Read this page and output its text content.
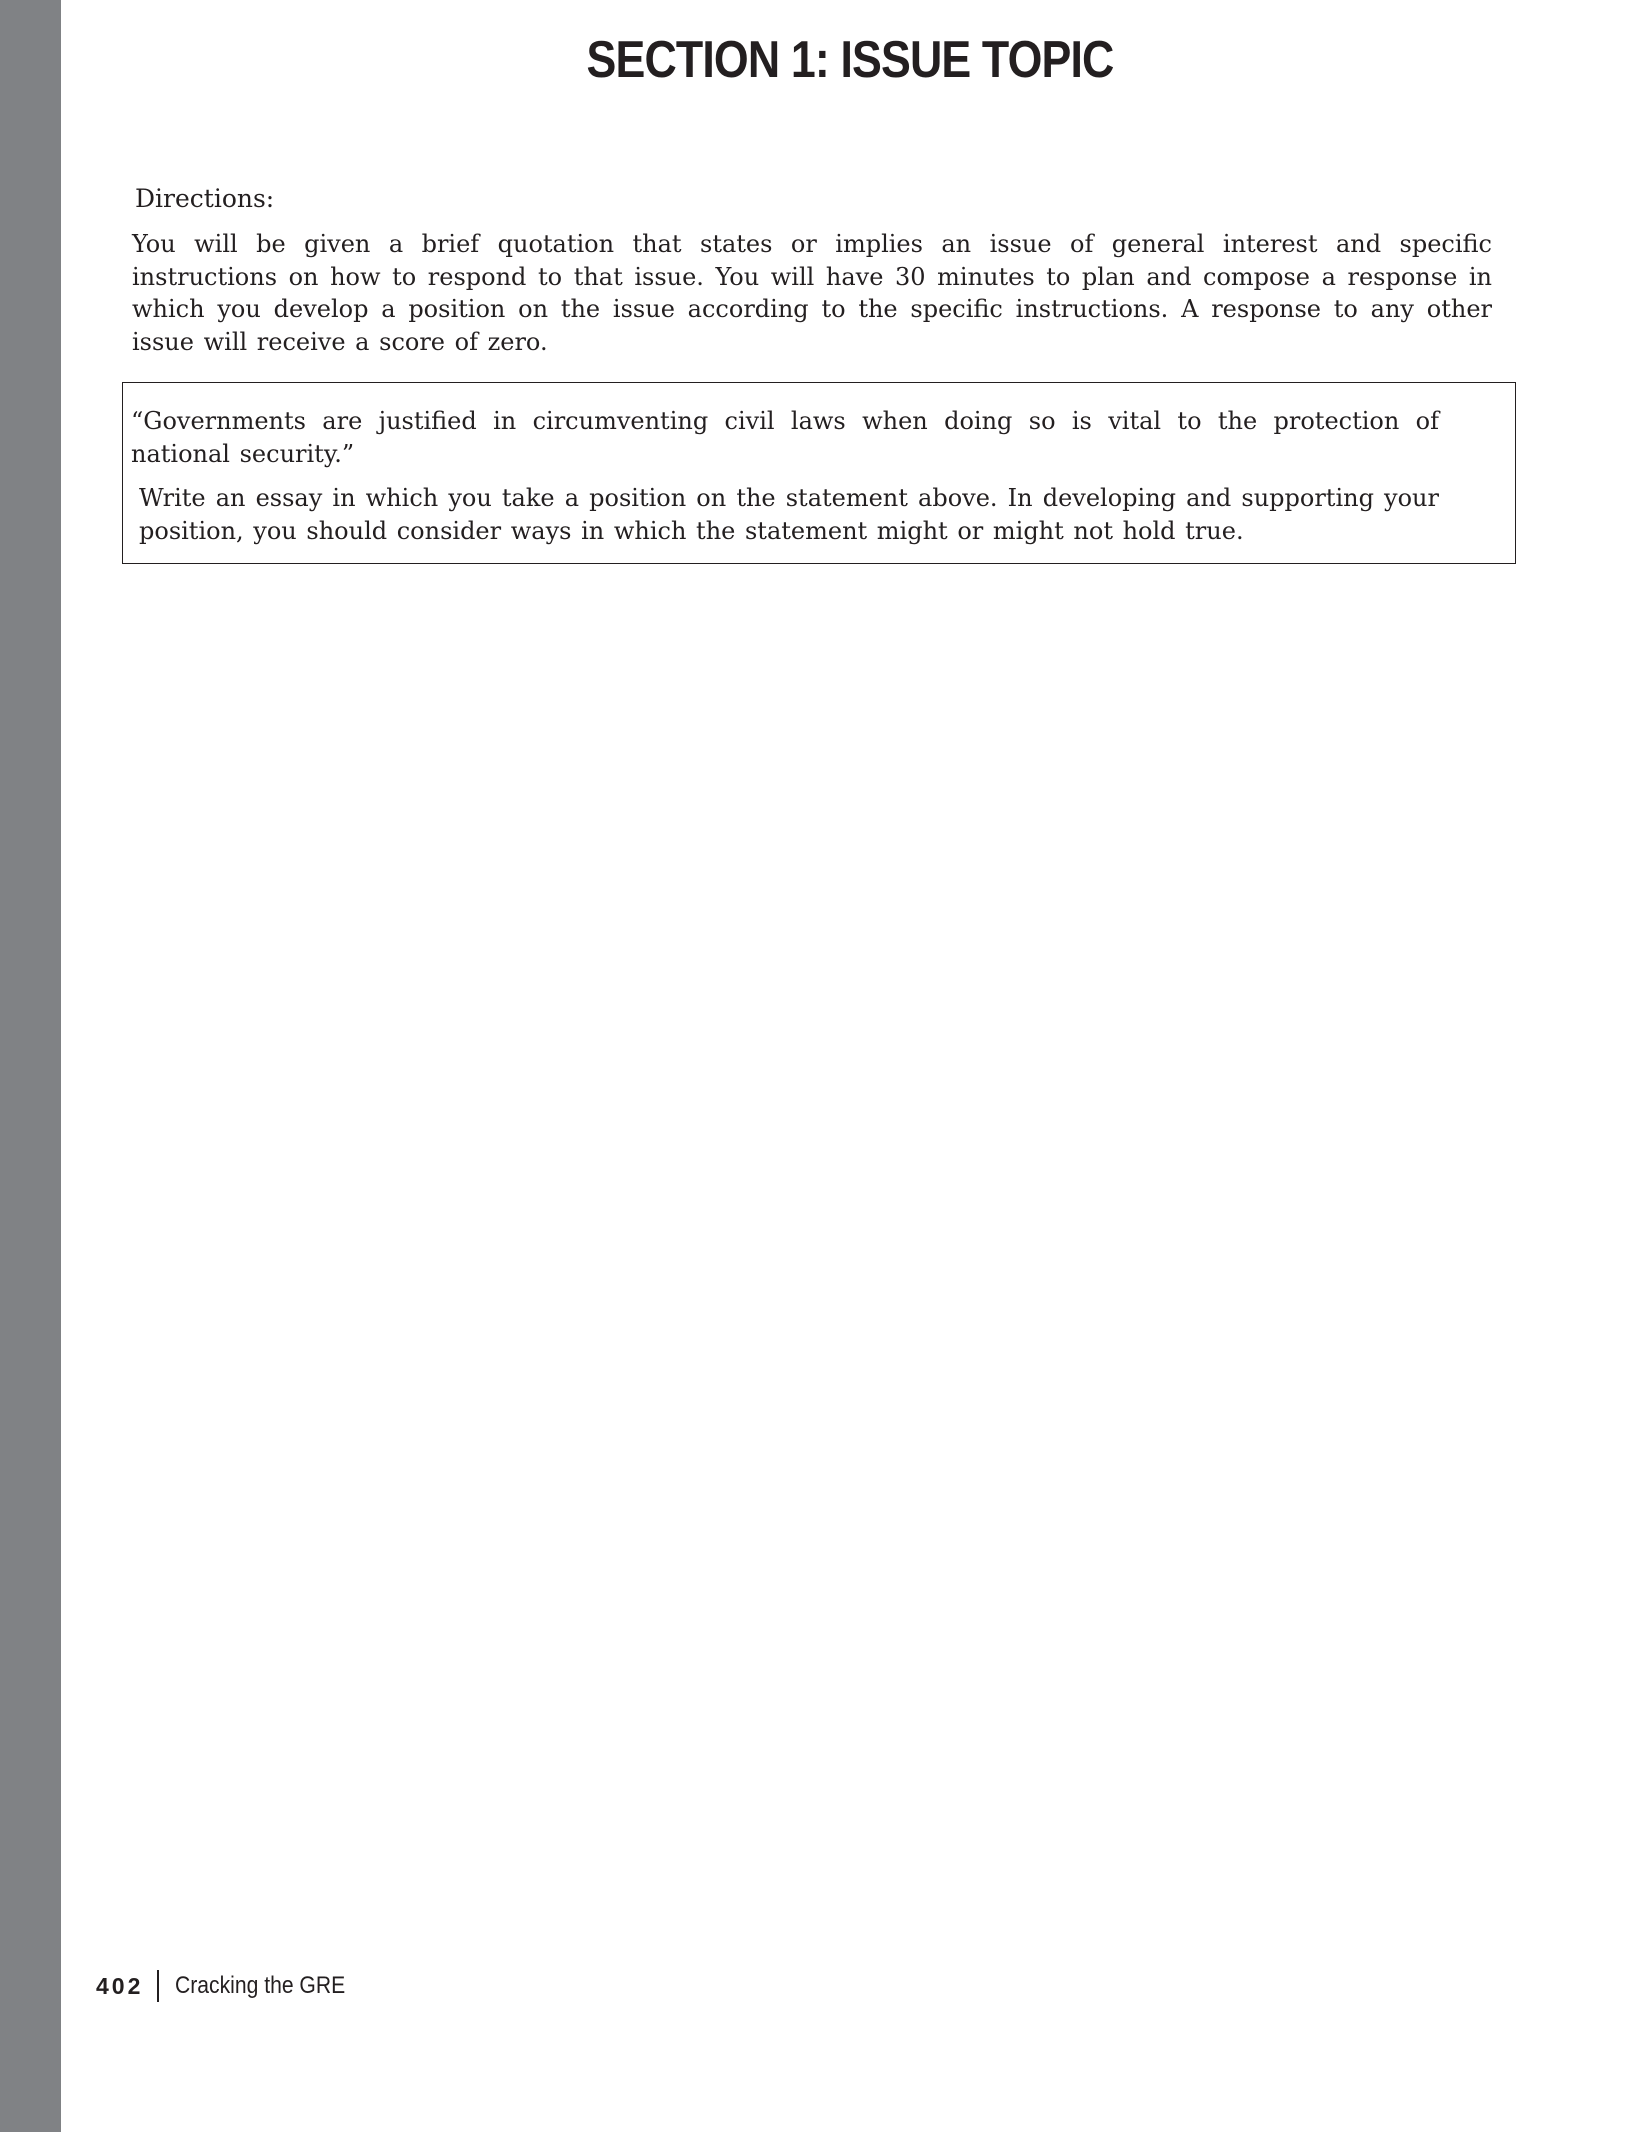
SECTION 1: ISSUE TOPIC

Directions:

You will be given a brief quotation that states or implies an issue of general interest and specific instructions on how to respond to that issue. You will have 30 minutes to plan and compose a response in which you develop a position on the issue according to the specific instructions. A response to any other issue will receive a score of zero.

“Governments are justified in circumventing civil laws when doing so is vital to the protection of national security.”

Write an essay in which you take a position on the statement above. In developing and supporting your position, you should consider ways in which the statement might or might not hold true.

402 Cracking the GRE
